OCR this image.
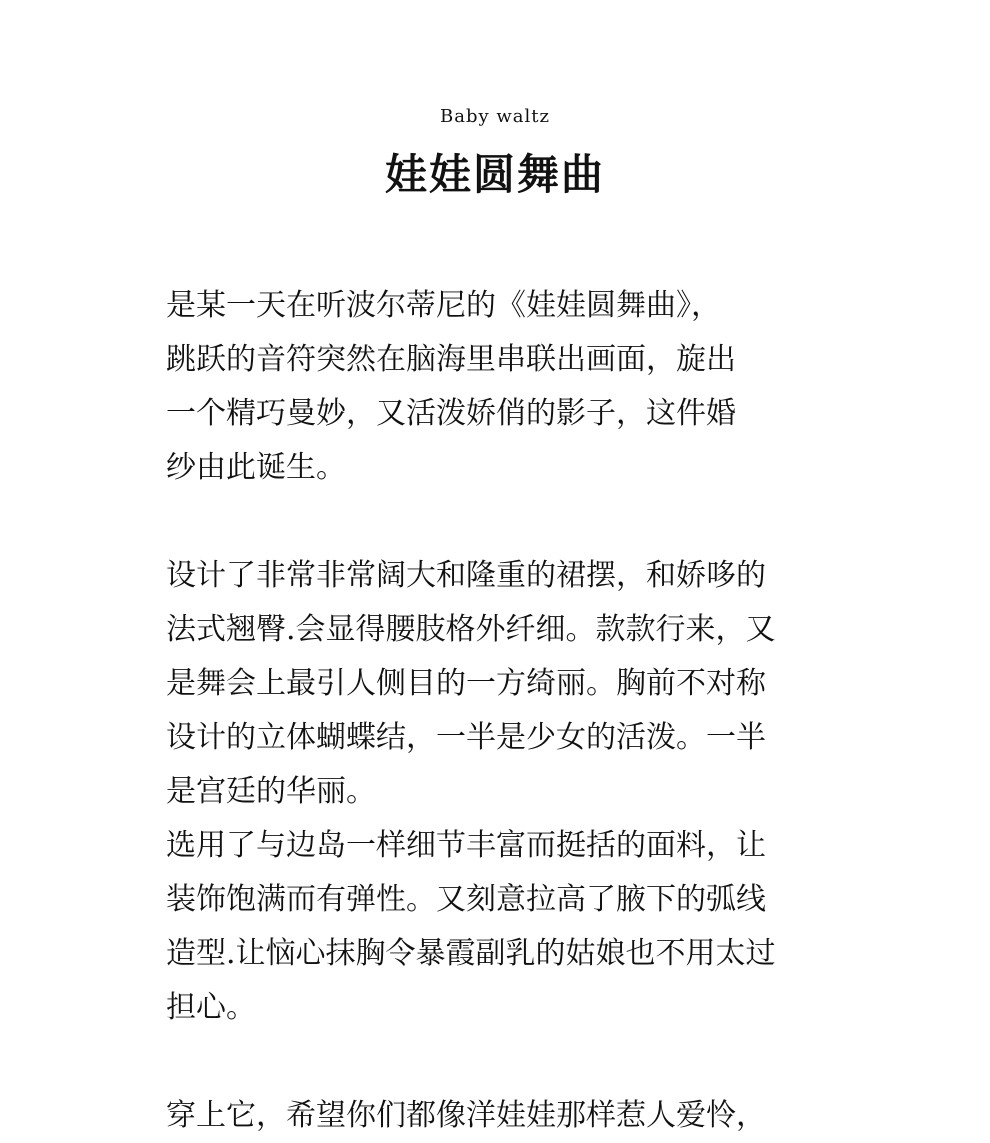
Baby waltz
娃娃圆舞曲
是某一天在听波尔蒂尼的《娃娃圆舞曲》，
跳跃的音符突然在脑海里串联出画面，旋出
一个精巧曼妙，又活泼娇俏的影子，这件婚
纱由此诞生。
设计了非常非常阔大和隆重的裙摆，和娇哆的
法式翘臀.会显得腰肢格外纤细。款款行来，又
是舞会上最引人侧目的一方绮丽。胸前不对称
设计的立体蝴蝶结，一半是少女的活泼。一半
是宫廷的华丽。
选用了与边岛一样细节丰富而挺括的面料，让
装饰饱满而有弹性。又刻意拉高了腋下的弧线
造型.让恼心抹胸令暴霞副乳的姑娘也不用太过
担心。
穿上它，希望你们都像洋娃娃那样惹人爱怜，
